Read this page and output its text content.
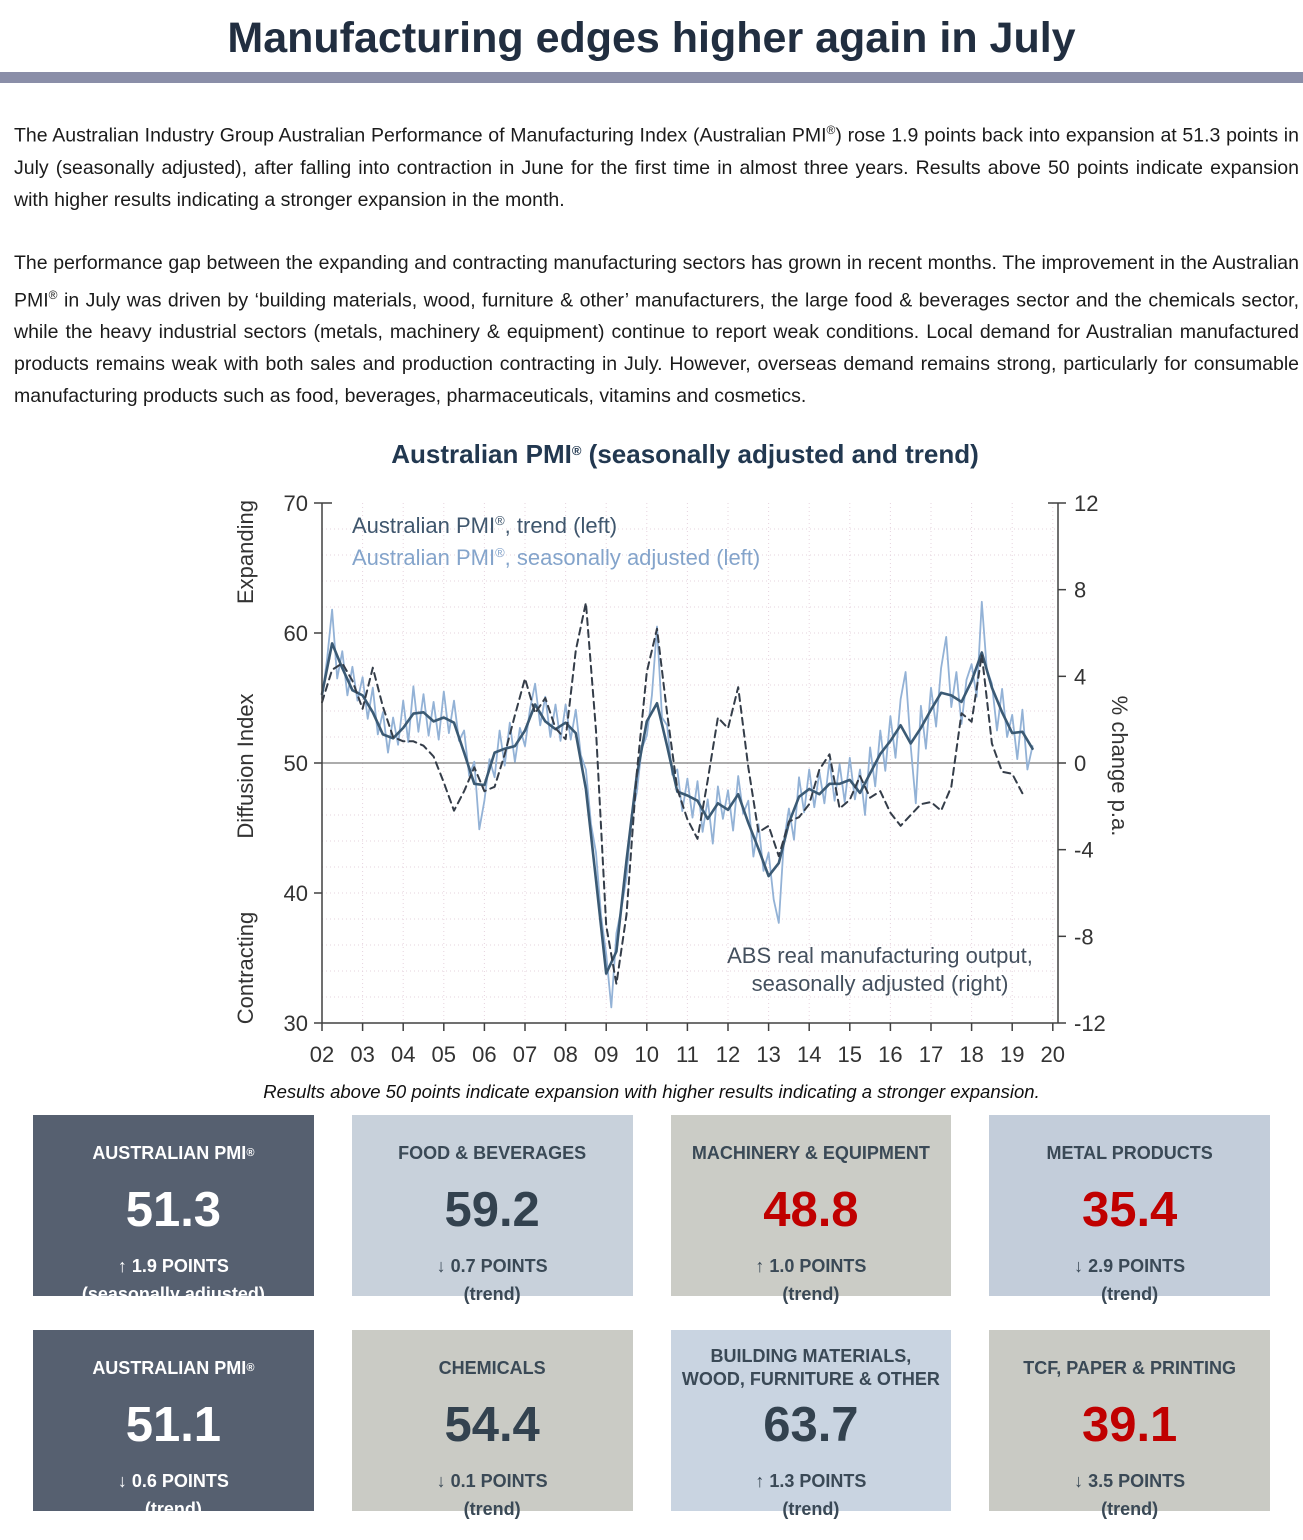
Manufacturing edges higher again in July

The Australian Industry Group Australian Performance of Manufacturing Index (Australian PMI®) rose 1.9 points back into expansion at 51.3 points in July (seasonally adjusted), after falling into contraction in June for the first time in almost three years. Results above 50 points indicate expansion with higher results indicating a stronger expansion in the month.

The performance gap between the expanding and contracting manufacturing sectors has grown in recent months. The improvement in the Australian PMI® in July was driven by ‘building materials, wood, furniture & other’ manufacturers, the large food & beverages sector and the chemicals sector, while the heavy industrial sectors (metals, machinery & equipment) continue to report weak conditions. Local demand for Australian manufactured products remains weak with both sales and production contracting in July. However, overseas demand remains strong, particularly for consumable manufacturing products such as food, beverages, pharmaceuticals, vitamins and cosmetics.

Australian PMI® (seasonally adjusted and trend)
70
60
50
40
30
12
8
4
0
-4
-8
-12
02 03 04 05 06 07 08 09 10 11 12 13 14 15 16 17 18 19 20
Expanding
Diffusion Index
Contracting
% change p.a.
Australian PMI®, trend (left)
Australian PMI®, seasonally adjusted (left)
ABS real manufacturing output,
seasonally adjusted (right)

Results above 50 points indicate expansion with higher results indicating a stronger expansion.

AUSTRALIAN PMI ®
51.3
↑ 1.9 POINTS
(seasonally adjusted)
FOOD & BEVERAGES
59.2
↓ 0.7 POINTS
(trend)
MACHINERY & EQUIPMENT
48.8
↑ 1.0 POINTS
(trend)
METAL PRODUCTS
35.4
↓ 2.9 POINTS
(trend)
AUSTRALIAN PMI ®
51.1
↓ 0.6 POINTS
(trend)
CHEMICALS
54.4
↓ 0.1 POINTS
(trend)
BUILDING MATERIALS,
WOOD, FURNITURE & OTHER
63.7
↑ 1.3 POINTS
(trend)
TCF, PAPER & PRINTING
39.1
↓ 3.5 POINTS
(trend)
